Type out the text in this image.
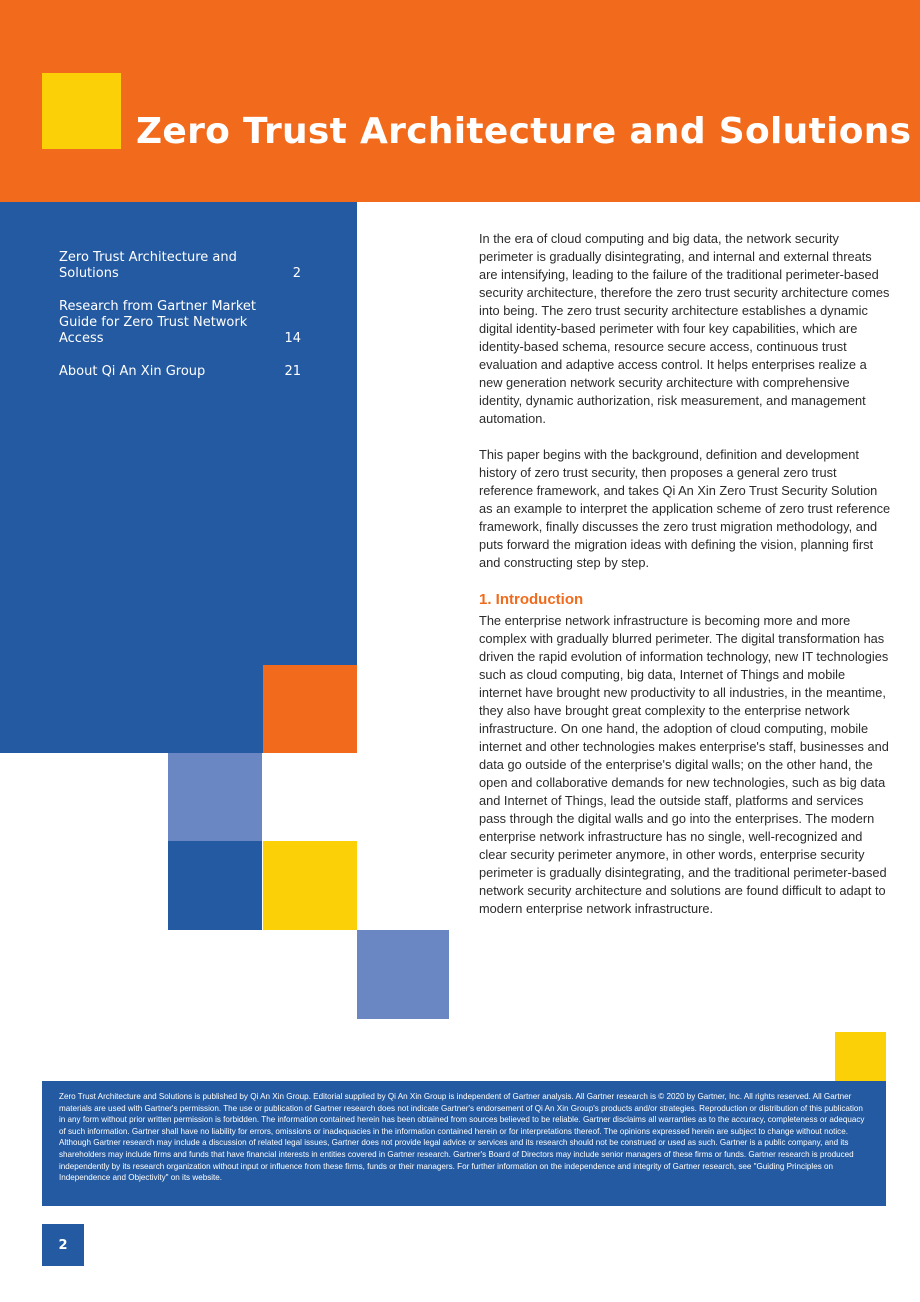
Zero Trust Architecture and Solutions
Zero Trust Architecture and Solutions	2
Research from Gartner Market Guide for Zero Trust Network Access	14
About Qi An Xin Group	21

In the era of cloud computing and big data, the network security perimeter is gradually disintegrating, and internal and external threats are intensifying, leading to the failure of the traditional perimeter-based security architecture, therefore the zero trust security architecture comes into being. The zero trust security architecture establishes a dynamic digital identity-based perimeter with four key capabilities, which are identity-based schema, resource secure access, continuous trust evaluation and adaptive access control. It helps enterprises realize a new generation network security architecture with comprehensive identity, dynamic authorization, risk measurement, and management automation.

This paper begins with the background, definition and development history of zero trust security, then proposes a general zero trust reference framework, and takes Qi An Xin Zero Trust Security Solution as an example to interpret the application scheme of zero trust reference framework, finally discusses the zero trust migration methodology, and puts forward the migration ideas with defining the vision, planning first and constructing step by step.

1. Introduction

The enterprise network infrastructure is becoming more and more complex with gradually blurred perimeter. The digital transformation has driven the rapid evolution of information technology, new IT technologies such as cloud computing, big data, Internet of Things and mobile internet have brought new productivity to all industries, in the meantime, they also have brought great complexity to the enterprise network infrastructure. On one hand, the adoption of cloud computing, mobile internet and other technologies makes enterprise's staff, businesses and data go outside of the enterprise's digital walls; on the other hand, the open and collaborative demands for new technologies, such as big data and Internet of Things, lead the outside staff, platforms and services pass through the digital walls and go into the enterprises. The modern enterprise network infrastructure has no single, well-recognized and clear security perimeter anymore, in other words, enterprise security perimeter is gradually disintegrating, and the traditional perimeter-based network security architecture and solutions are found difficult to adapt to modern enterprise network infrastructure.

Zero Trust Architecture and Solutions is published by Qi An Xin Group. Editorial supplied by Qi An Xin Group is independent of Gartner analysis. All Gartner research is © 2020 by Gartner, Inc. All rights reserved. All Gartner materials are used with Gartner's permission. The use or publication of Gartner research does not indicate Gartner's endorsement of Qi An Xin Group's products and/or strategies. Reproduction or distribution of this publication in any form without prior written permission is forbidden. The information contained herein has been obtained from sources believed to be reliable. Gartner disclaims all warranties as to the accuracy, completeness or adequacy of such information. Gartner shall have no liability for errors, omissions or inadequacies in the information contained herein or for interpretations thereof. The opinions expressed herein are subject to change without notice. Although Gartner research may include a discussion of related legal issues, Gartner does not provide legal advice or services and its research should not be construed or used as such. Gartner is a public company, and its shareholders may include firms and funds that have financial interests in entities covered in Gartner research. Gartner's Board of Directors may include senior managers of these firms or funds. Gartner research is produced independently by its research organization without input or influence from these firms, funds or their managers. For further information on the independence and integrity of Gartner research, see "Guiding Principles on Independence and Objectivity" on its website.

2
